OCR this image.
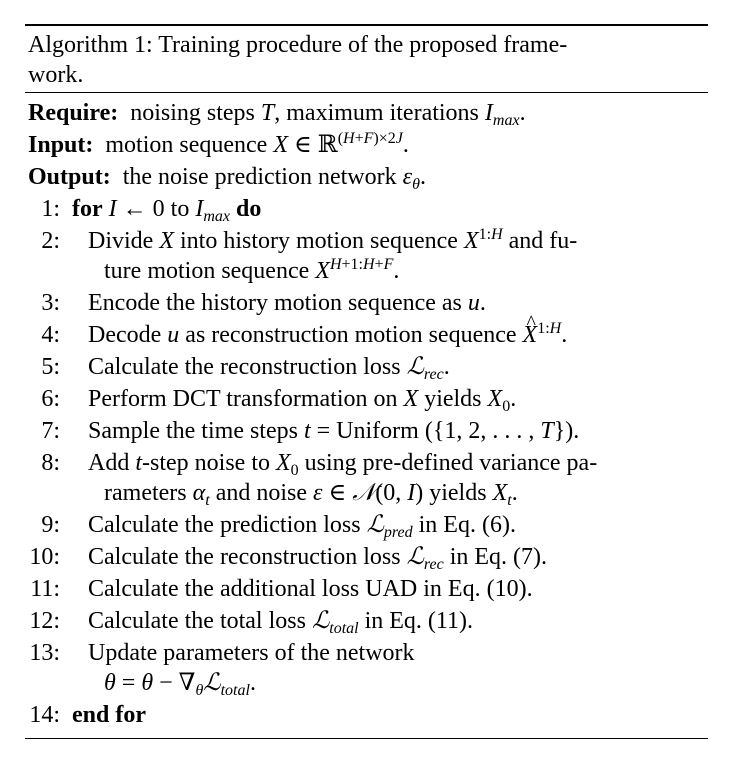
Algorithm 1: Training procedure of the proposed frame-
work.
Require:  noising steps T, maximum iterations $I_{max}$.
Input:  motion sequence X ∈ ℝ$^{(H+F)\times 2J}$.
Output:  the noise prediction network $\varepsilon_\theta$.
1: for I ← 0 to $I_{max}$ do
2: Divide X into history motion sequence $X^{1:H}$ and fu-
ture motion sequence $X^{H+1:H+F}$.
3: Encode the history motion sequence as u.
4: Decode u as reconstruction motion sequence ^ $X^{1:H}$.
5: Calculate the reconstruction loss ℒ$_{rec}$.
6: Perform DCT transformation on X yields $X_0$.
7: Sample the time steps t = Uniform ({1, 2, . . . , T}).
8: Add t-step noise to $X_0$ using pre-defined variance pa-
rameters $\alpha_t$ and noise ε ∈ 𝒩(0, I) yields $X_t$.
9: Calculate the prediction loss ℒ$_{pred}$ in Eq. (6).
10: Calculate the reconstruction loss ℒ$_{rec}$ in Eq. (7).
11: Calculate the additional loss UAD in Eq. (10).
12: Calculate the total loss ℒ$_{total}$ in Eq. (11).
13: Update parameters of the network
$\theta = \theta - \nabla_\theta ℒ_{total}$.
14: end for
